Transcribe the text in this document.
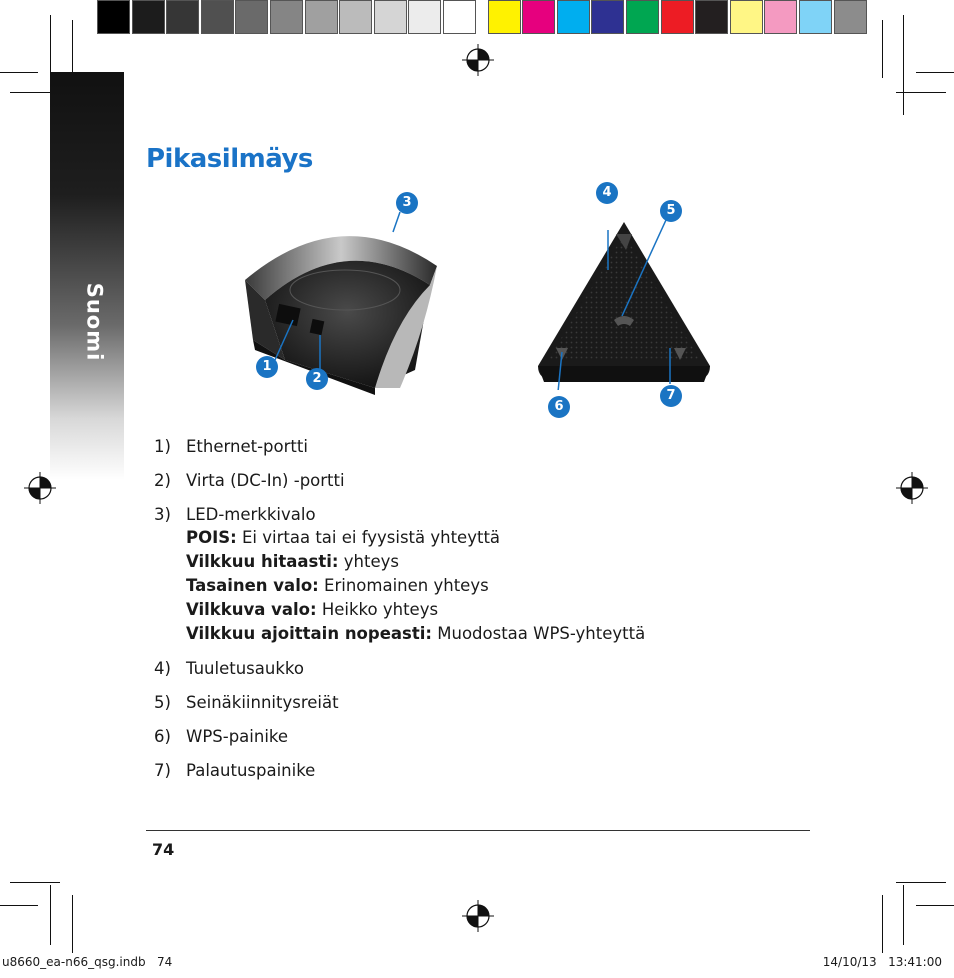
Suomi
Pikasilmäys
1
2
3
4
5
6
7
1) Ethernet-portti
2) Virta (DC-In) -portti
3) LED-merkkivalo
POIS: Ei virtaa tai ei fyysistä yhteyttä
Vilkkuu hitaasti: yhteys
Tasainen valo: Erinomainen yhteys
Vilkkuva valo: Heikko yhteys
Vilkkuu ajoittain nopeasti: Muodostaa WPS-yhteyttä
4) Tuuletusaukko
5) Seinäkiinnitysreiät
6) WPS-painike
7) Palautuspainike
74
u8660_ea-n66_qsg.indb   74	14/10/13   13:41:00
